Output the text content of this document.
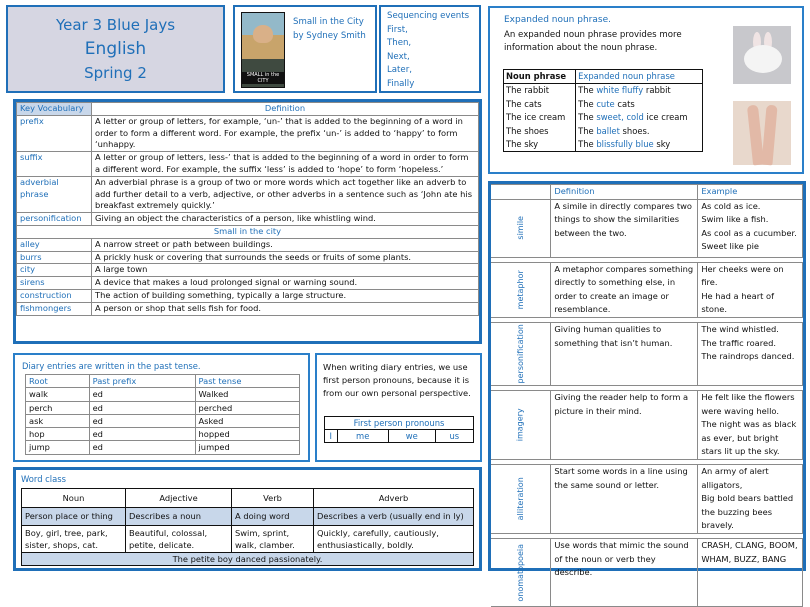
Year 3 Blue Jays
English
Spring 2	SMALL in the CITY
Small in the City
by Sydney Smith
Sequencing events
First,
Then,
Next,
Later,
Finally
Expanded noun phrase.
An expanded noun phrase provides more information about the noun phrase.
Noun phrase	Expanded noun phrase
The rabbit	The white fluffy rabbit
The cats	The cute cats
The ice cream	The sweet, cold ice cream
The shoes	The ballet shoes.
The sky	The blissfully blue sky
Key Vocabulary	Definition
prefix	A letter or group of letters, for example, ‘un-’ that is added to the beginning of a word in order to form a different word. For example, the prefix ‘un-’ is added to ‘happy’ to form ‘unhappy.
suffix	A letter or group of letters, less-’ that is added to the beginning of a word in order to form a different word. For example, the suffix ‘less’ is added to ‘hope’ to form ‘hopeless.’
adverbial phrase	An adverbial phrase is a group of two or more words which act together like an adverb to add further detail to a verb, adjective, or other adverbs in a sentence such as ‘John ate his breakfast extremely quickly.’
personification	Giving an object the characteristics of a person, like whistling wind.
Small in the city	
alley	A narrow street or path between buildings.
burrs	A prickly husk or covering that surrounds the seeds or fruits of some plants.
city	A large town
sirens	A device that makes a loud prolonged signal or warning sound.
construction	The action of building something, typically a large structure.
fishmongers	A person or shop that sells fish for food.
Diary entries are written in the past tense.
Root	Past prefix	Past tense
walk	ed	Walked
perch	ed	perched
ask	ed	Asked
hop	ed	hopped
jump	ed	jumped
When writing diary entries, we use first person pronouns, because it is from our own personal perspective.
First person pronouns
I	me	we	us
Word class
Noun	Adjective	Verb	Adverb
Person place or thing	Describes a noun	A doing word	Describes a verb (usually end in ly)
Boy, girl, tree, park, sister, shops, cat.	Beautiful, colossal, petite, delicate.	Swim, sprint, walk, clamber.	Quickly, carefully, cautiously, enthusiastically, boldly.
The petite boy danced passionately.			
	Definition	Example
simile	A simile in directly compares two things to show the similarities between the two.	As cold as ice.
Swim like a fish.
As cool as a cucumber.
Sweet like pie

metaphor	A metaphor compares something directly to something else, in order to create an image or resemblance.	Her cheeks were on fire.
He had a heart of stone.

personification	Giving human qualities to something that isn’t human.	The wind whistled.
The traffic roared.
The raindrops danced.

imagery	Giving the reader help to form a picture in their mind.	He felt like the flowers were waving hello.
The night was as black as ever, but bright stars lit up the sky.

alliteration	Start some words in a line using the same sound or letter.	An army of alert alligators,
Big bold bears battled the buzzing bees bravely.

onomatopoeia	Use words that mimic the sound of the noun or verb they describe.	CRASH, CLANG, BOOM, WHAM, BUZZ, BANG
